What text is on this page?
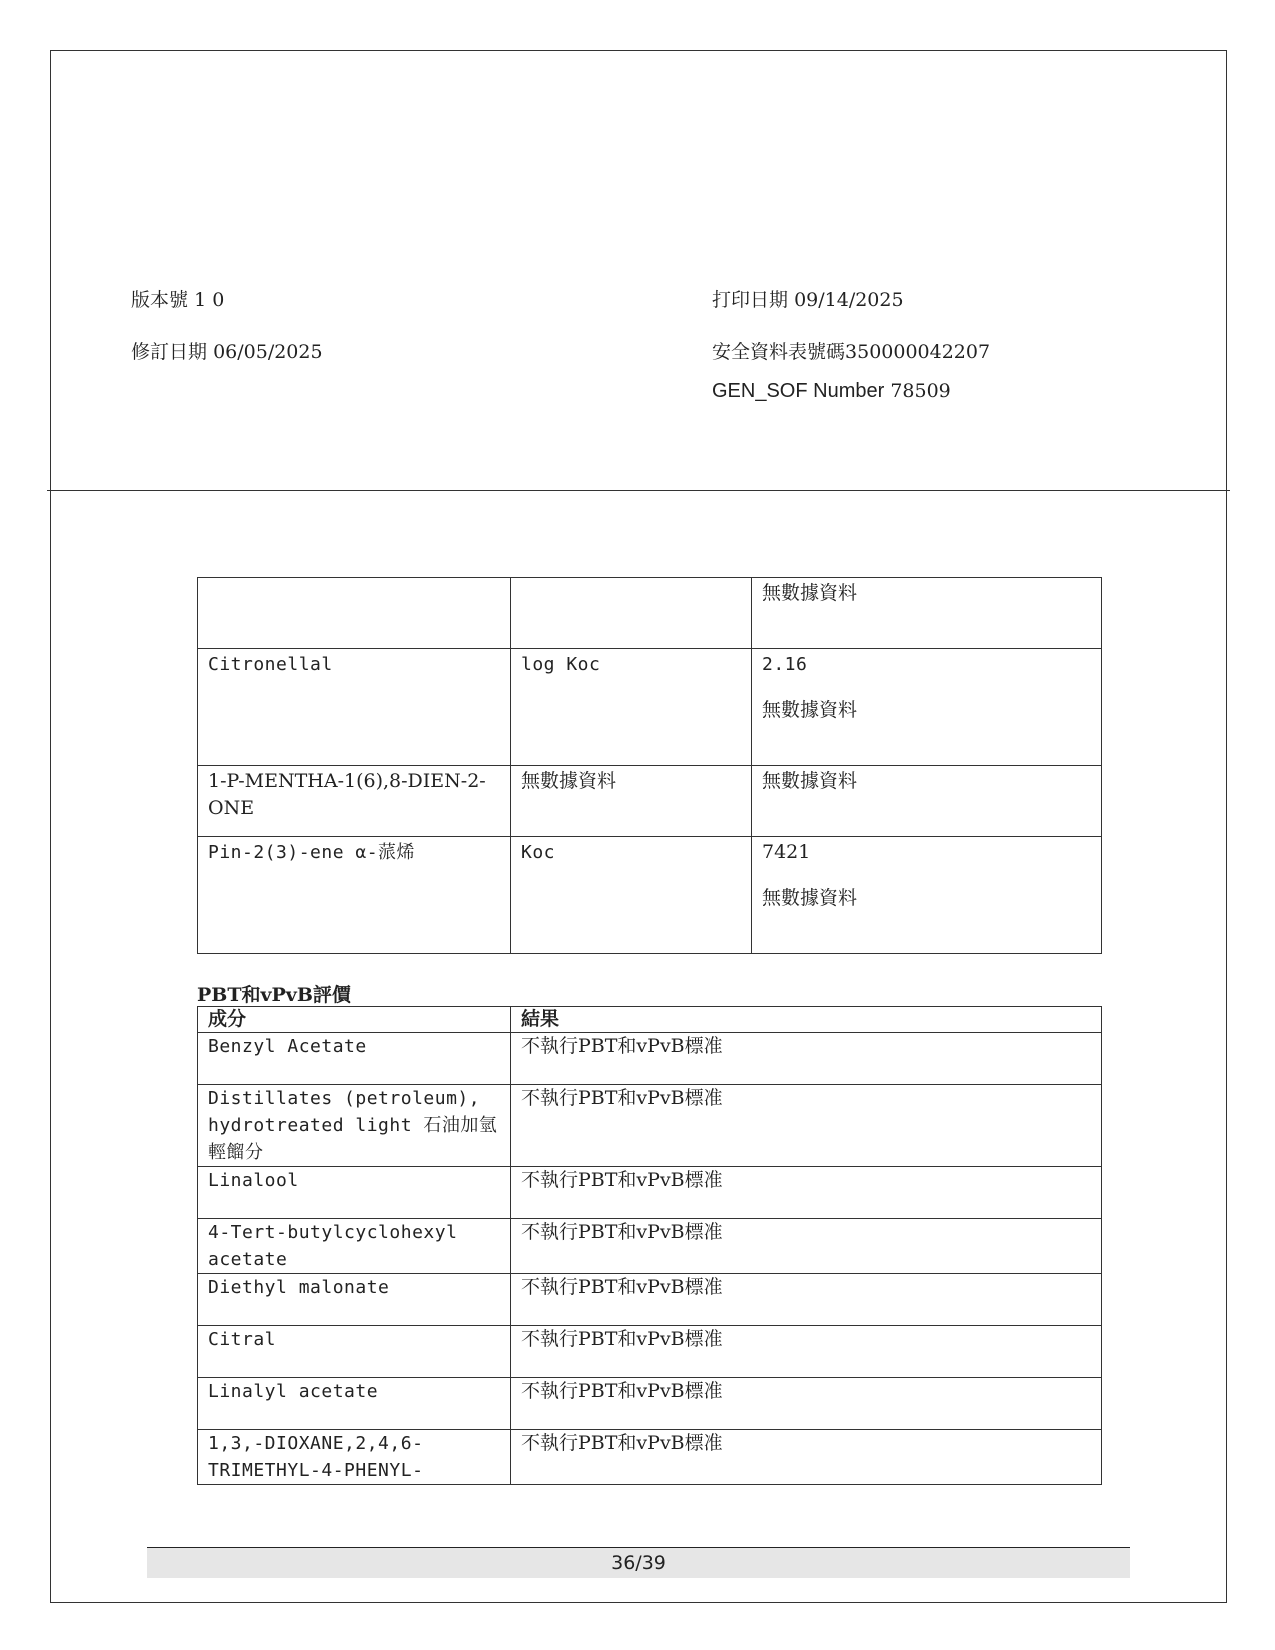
版本號 1 0
修訂日期 06/05/2025
打印日期 09/14/2025
安全資料表號碼350000042207
GEN_SOF Number 78509

		無數據資料

Citronellal	log Koc	2.16
無數據資料

1-P-MENTHA-1(6),8-DIEN-2-ONE	無數據資料	無數據資料

Pin-2(3)-ene α-蒎烯	Koc	7421
無數據資料
PBT和vPvB評價
成分	結果
Benzyl Acetate	不執行PBT和vPvB標准
Distillates (petroleum), hydrotreated light 石油加氫輕餾分	不執行PBT和vPvB標准
Linalool	不執行PBT和vPvB標准
4-Tert-butylcyclohexyl acetate	不執行PBT和vPvB標准
Diethyl malonate	不執行PBT和vPvB標准
Citral	不執行PBT和vPvB標准
Linalyl acetate	不執行PBT和vPvB標准
1,3,-DIOXANE,2,4,6-TRIMETHYL-4-PHENYL-	不執行PBT和vPvB標准
36/39
